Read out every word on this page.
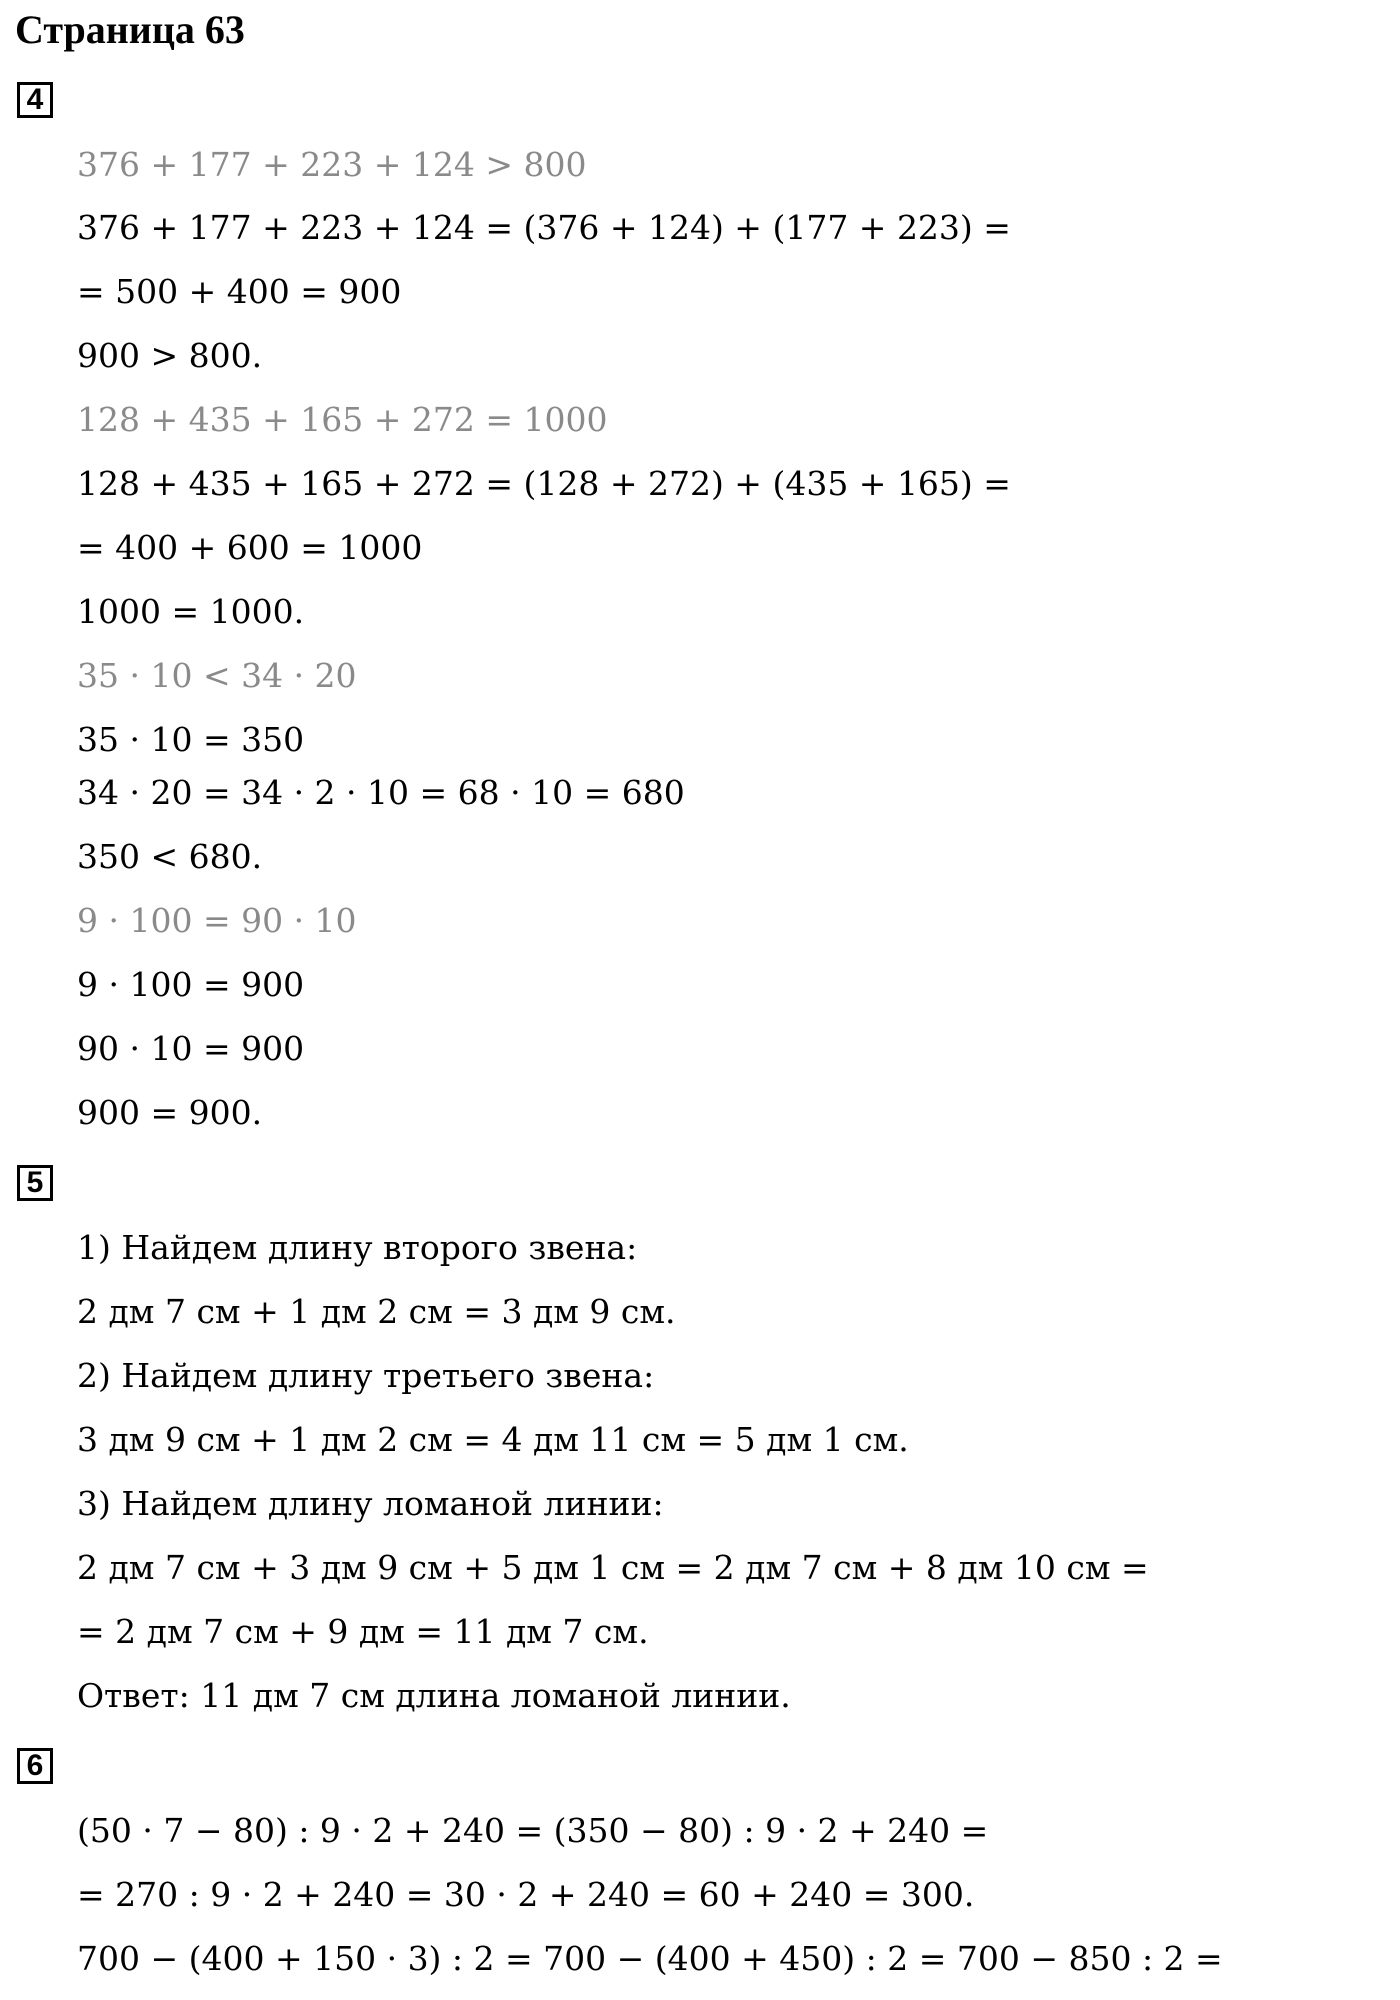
Страница 63
4
376 + 177 + 223 + 124 > 800
376 + 177 + 223 + 124 = (376 + 124) + (177 + 223) =
= 500 + 400 = 900
900 > 800.
128 + 435 + 165 + 272 = 1000
128 + 435 + 165 + 272 = (128 + 272) + (435 + 165) =
= 400 + 600 = 1000
1000 = 1000.
35 · 10 < 34 · 20
35 · 10 = 350
34 · 20 = 34 · 2 · 10 = 68 · 10 = 680
350 < 680.
9 · 100 = 90 · 10
9 · 100 = 900
90 · 10 = 900
900 = 900.
5
1) Найдем длину второго звена:
2 дм 7 см + 1 дм 2 см = 3 дм 9 см.
2) Найдем длину третьего звена:
3 дм 9 см + 1 дм 2 см = 4 дм 11 см = 5 дм 1 см.
3) Найдем длину ломаной линии:
2 дм 7 см + 3 дм 9 см + 5 дм 1 см = 2 дм 7 см + 8 дм 10 см =
= 2 дм 7 см + 9 дм = 11 дм 7 см.
Ответ: 11 дм 7 см длина ломаной линии.
6
(50 · 7 − 80) : 9 · 2 + 240 = (350 − 80) : 9 · 2 + 240 =
= 270 : 9 · 2 + 240 = 30 · 2 + 240 = 60 + 240 = 300.
700 − (400 + 150 · 3) : 2 = 700 − (400 + 450) : 2 = 700 − 850 : 2 =
